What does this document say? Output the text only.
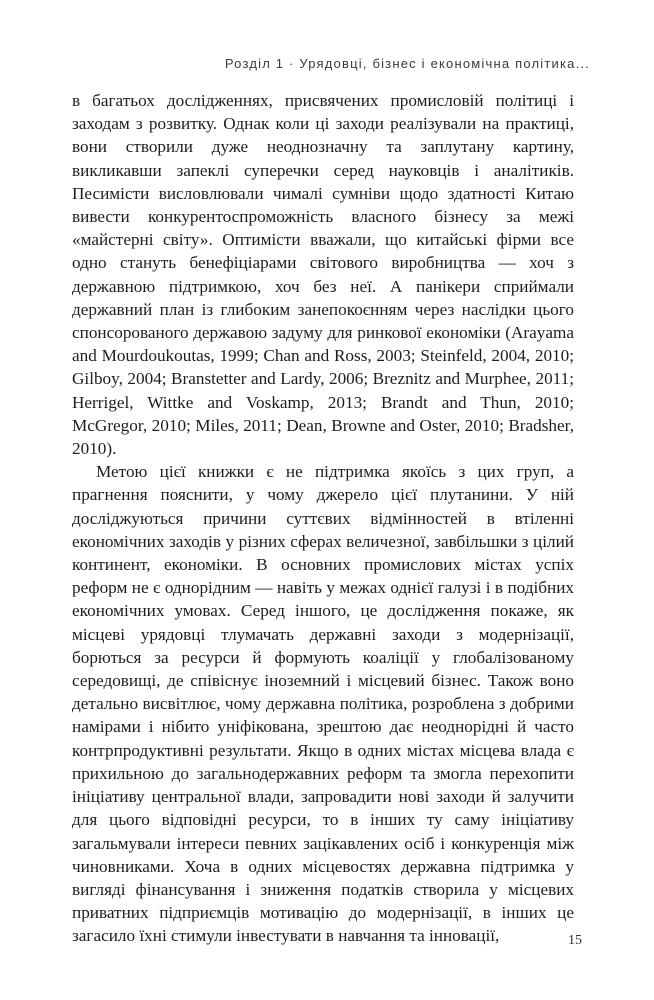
Розділ 1 · Урядовці, бізнес і економічна політика...

в багатьох дослідженнях, присвячених промисловій політиці і заходам з розвитку. Однак коли ці заходи реалізували на практиці, вони створили дуже неоднозначну та заплутану картину, викликавши запеклі суперечки серед науковців і аналітиків. Песимісти висловлювали чималі сумніви щодо здатності Китаю вивести конкурентоспроможність власного бізнесу за межі «майстерні світу». Оптимісти вважали, що китайські фірми все одно стануть бенефіціарами світового виробництва — хоч з державною підтримкою, хоч без неї. А панікери сприймали державний план із глибоким занепокоєнням через наслідки цього спонсорованого державою задуму для ринкової економіки (Arayama and Mourdoukoutas, 1999; Chan and Ross, 2003; Steinfeld, 2004, 2010; Gilboy, 2004; Branstetter and Lardy, 2006; Breznitz and Murphee, 2011; Herrigel, Wittke and Voskamp, 2013; Brandt and Thun, 2010; McGregor, 2010; Miles, 2011; Dean, Browne and Oster, 2010; Bradsher, 2010).

Метою цієї книжки є не підтримка якоїсь з цих груп, а прагнення пояснити, у чому джерело цієї плутанини. У ній досліджуються причини суттєвих відмінностей в втіленні економічних заходів у різних сферах величезної, завбільшки з цілий континент, економіки. В основних промислових містах успіх реформ не є однорідним — навіть у межах однієї галузі і в подібних економічних умовах. Серед іншого, це дослідження покаже, як місцеві урядовці тлумачать державні заходи з модернізації, борються за ресурси й формують коаліції у глобалізованому середовищі, де співіснує іноземний і місцевий бізнес. Також воно детально висвітлює, чому державна політика, розроблена з добрими намірами і нібито уніфікована, зрештою дає неоднорідні й часто контрпродуктивні результати. Якщо в одних містах місцева влада є прихильною до загальнодержавних реформ та змогла перехопити ініціативу центральної влади, запровадити нові заходи й залучити для цього відповідні ресурси, то в інших ту саму ініціативу загальмували інтереси певних зацікавлених осіб і конкуренція між чиновниками. Хоча в одних місцевостях державна підтримка у вигляді фінансування і зниження податків створила у місцевих приватних підприємців мотивацію до модернізації, в інших це загасило їхні стимули інвестувати в навчання та інновації,	15
